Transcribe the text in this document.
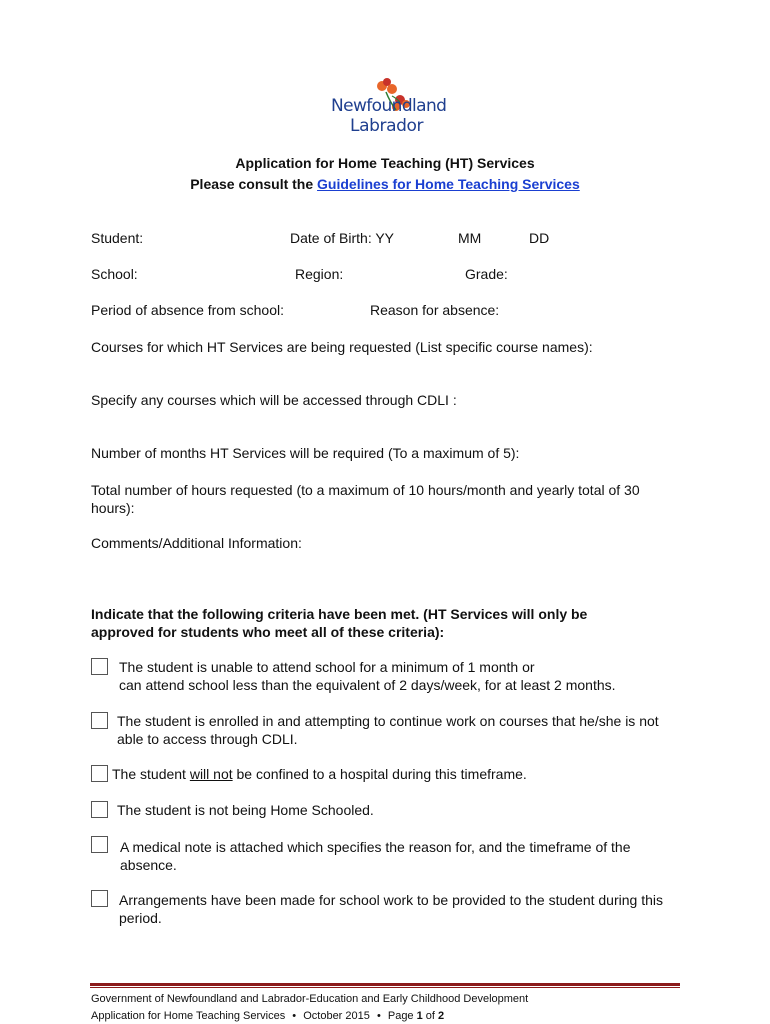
Newfoundland
Labrador
Application for Home Teaching (HT) Services
Please consult the Guidelines for Home Teaching Services
Student:	Date of Birth: YY	MM	DD
School:	Region:	Grade:
Period of absence from school:	Reason for absence:
Courses for which HT Services are being requested (List specific course names):
Specify any courses which will be accessed through CDLI :
Number of months HT Services will be required (To a maximum of 5):
Total number of hours requested (to a maximum of 10 hours/month and yearly total of 30 hours):
Comments/Additional Information:
Indicate that the following criteria have been met. (HT Services will only be approved for students who meet all of these criteria):
The student is unable to attend school for a minimum of 1 month or
can attend school less than the equivalent of 2 days/week, for at least 2 months.
The student is enrolled in and attempting to continue work on courses that he/she is not able to access through CDLI.
The student will not be confined to a hospital during this timeframe.
The student is not being Home Schooled.
A medical note is attached which specifies the reason for, and the timeframe of the absence.
Arrangements have been made for school work to be provided to the student during this period.
Government of Newfoundland and Labrador-Education and Early Childhood Development
Application for Home Teaching Services • October 2015 • Page 1 of 2
